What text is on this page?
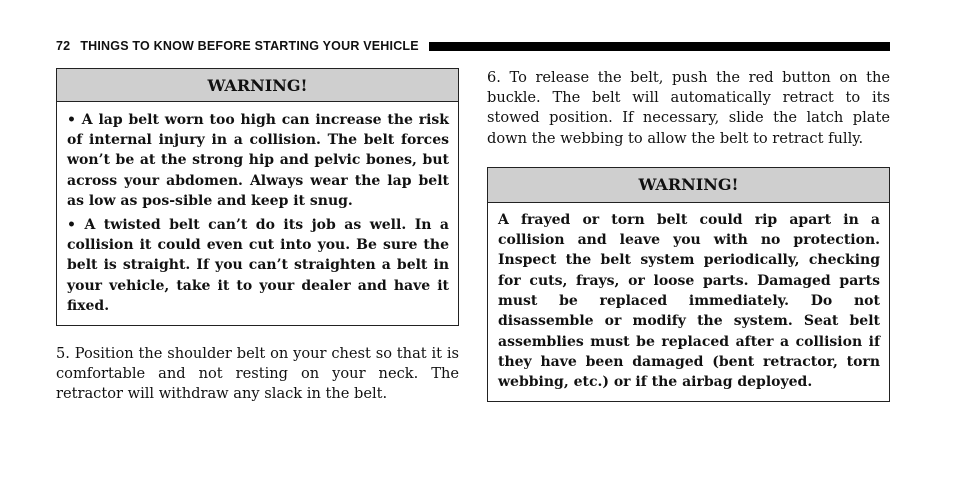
72 THINGS TO KNOW BEFORE STARTING YOUR VEHICLE
WARNING!

• A lap belt worn too high can increase the risk of internal injury in a collision. The belt forces won’t be at the strong hip and pelvic bones, but across your abdomen. Always wear the lap belt as low as pos-sible and keep it snug.

• A twisted belt can’t do its job as well. In a collision it could even cut into you. Be sure the belt is straight. If you can’t straighten a belt in your vehicle, take it to your dealer and have it fixed.

5. Position the shoulder belt on your chest so that it is comfortable and not resting on your neck. The retractor will withdraw any slack in the belt.

6. To release the belt, push the red button on the buckle. The belt will automatically retract to its stowed position. If necessary, slide the latch plate down the webbing to allow the belt to retract fully.

WARNING!

A frayed or torn belt could rip apart in a collision and leave you with no protection. Inspect the belt system periodically, checking for cuts, frays, or loose parts. Damaged parts must be replaced immediately. Do not disassemble or modify the system. Seat belt assemblies must be replaced after a collision if they have been damaged (bent retractor, torn webbing, etc.) or if the airbag deployed.
